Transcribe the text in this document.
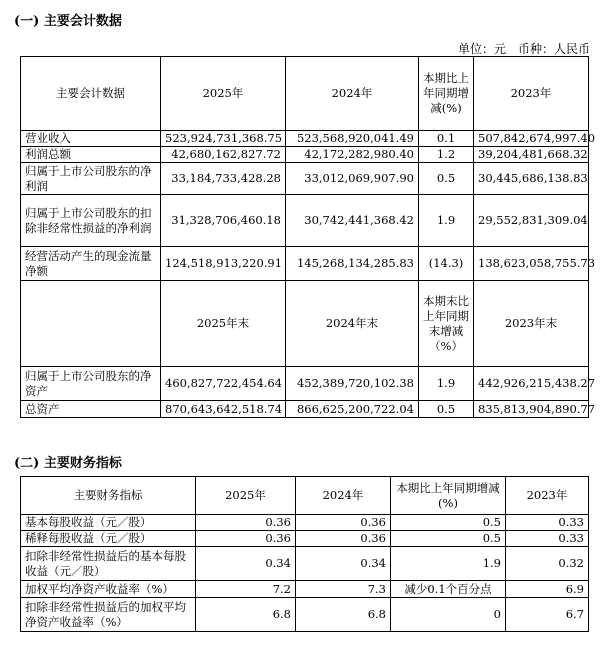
(一) 主要会计数据
单位：元　币种：人民币
主要会计数据	2025年	2024年	本期比上年同期增减(%)	2023年
营业收入	523,924,731,368.75	523,568,920,041.49	0.1	507,842,674,997.40
利润总额	42,680,162,827.72	42,172,282,980.40	1.2	39,204,481,668.32
归属于上市公司股东的净利润	33,184,733,428.28	33,012,069,907.90	0.5	30,445,686,138.83
归属于上市公司股东的扣除非经常性损益的净利润	31,328,706,460.18	30,742,441,368.42	1.9	29,552,831,309.04
经营活动产生的现金流量净额	124,518,913,220.91	145,268,134,285.83	(14.3)	138,623,058,755.73
	2025年末	2024年末	本期末比上年同期末增减（%）	2023年末
归属于上市公司股东的净资产	460,827,722,454.64	452,389,720,102.38	1.9	442,926,215,438.27
总资产	870,643,642,518.74	866,625,200,722.04	0.5	835,813,904,890.77
(二) 主要财务指标
主要财务指标	2025年	2024年	本期比上年同期增减(%)	2023年
基本每股收益（元／股）	0.36	0.36	0.5	0.33
稀释每股收益（元／股）	0.36	0.36	0.5	0.33
扣除非经常性损益后的基本每股收益（元／股）	0.34	0.34	1.9	0.32
加权平均净资产收益率（%）	7.2	7.3	减少0.1个百分点	6.9
扣除非经常性损益后的加权平均净资产收益率（%）	6.8	6.8	0	6.7
